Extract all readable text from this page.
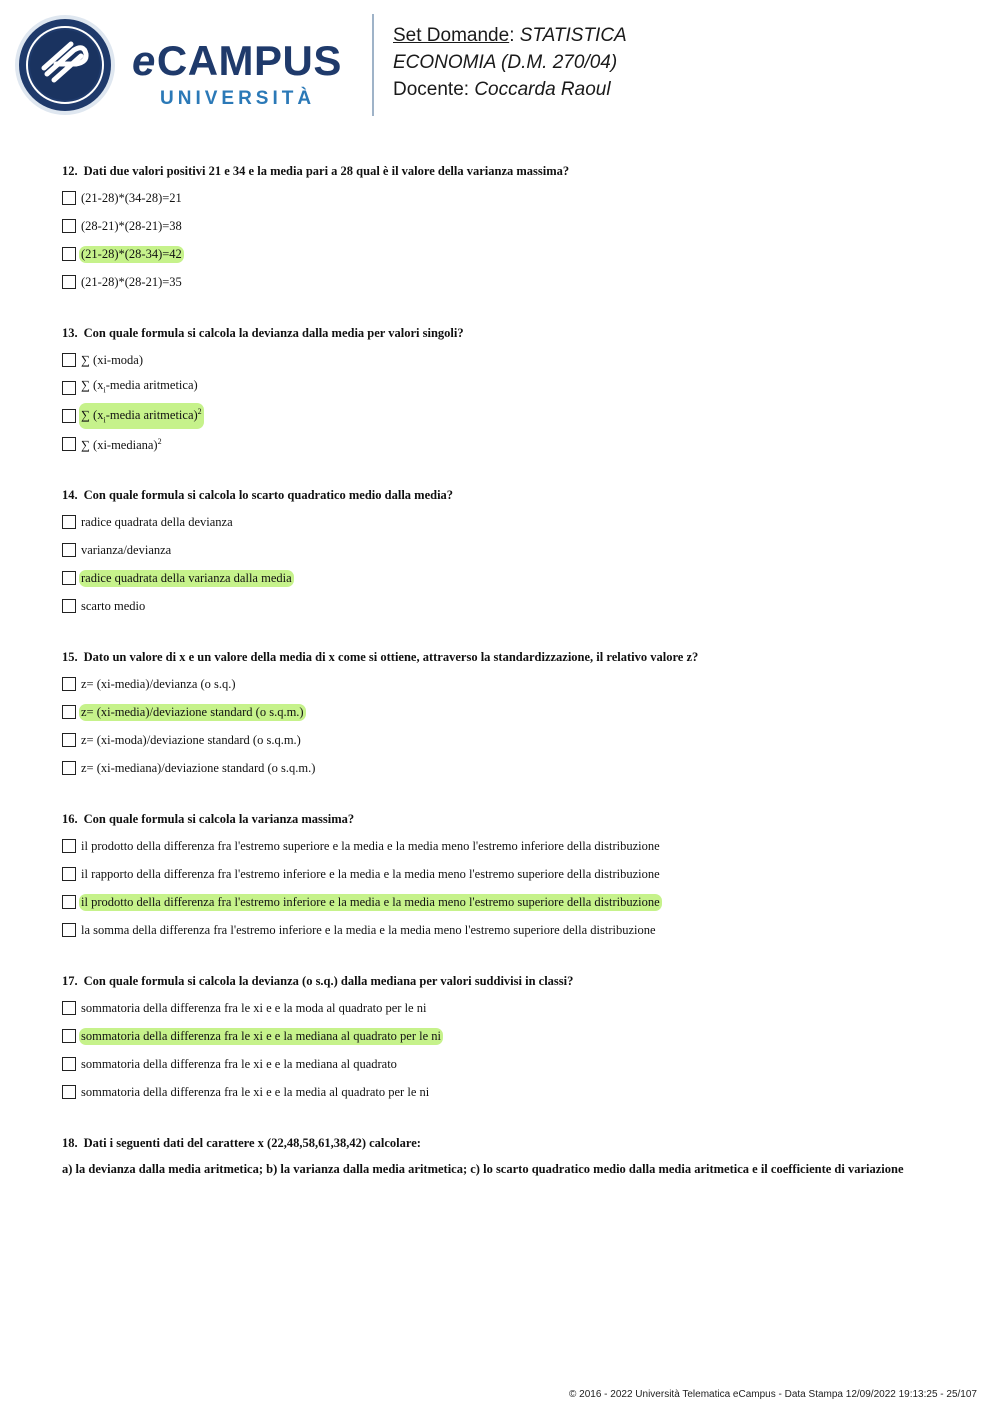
eCAMPUS
UNIVERSITÀ
Set Domande: STATISTICA
ECONOMIA (D.M. 270/04)
Docente: Coccarda Raoul
12. Dati due valori positivi 21 e 34 e la media pari a 28 qual è il valore della varianza massima?
(21-28)*(34-28)=21
(28-21)*(28-21)=38
(21-28)*(28-34)=42
(21-28)*(28-21)=35
13. Con quale formula si calcola la devianza dalla media per valori singoli?
∑ (xi-moda)
∑ ($x_i$-media aritmetica)
∑ ($x_i$-media aritmetica)$^2$
∑ (xi-mediana)$^2$
14. Con quale formula si calcola lo scarto quadratico medio dalla media?
radice quadrata della devianza
varianza/devianza
radice quadrata della varianza dalla media
scarto medio
15. Dato un valore di x e un valore della media di x come si ottiene, attraverso la standardizzazione, il relativo valore z?
z= (xi-media)/devianza (o s.q.)
z= (xi-media)/deviazione standard (o s.q.m.)
z= (xi-moda)/deviazione standard (o s.q.m.)
z= (xi-mediana)/deviazione standard (o s.q.m.)
16. Con quale formula si calcola la varianza massima?
il prodotto della differenza fra l'estremo superiore e la media e la media meno l'estremo inferiore della distribuzione
il rapporto della differenza fra l'estremo inferiore e la media e la media meno l'estremo superiore della distribuzione
il prodotto della differenza fra l'estremo inferiore e la media e la media meno l'estremo superiore della distribuzione
la somma della differenza fra l'estremo inferiore e la media e la media meno l'estremo superiore della distribuzione
17. Con quale formula si calcola la devianza (o s.q.) dalla mediana per valori suddivisi in classi?
sommatoria della differenza fra le xi e e la moda al quadrato per le ni
sommatoria della differenza fra le xi e e la mediana al quadrato per le ni
sommatoria della differenza fra le xi e e la mediana al quadrato
sommatoria della differenza fra le xi e e la media al quadrato per le ni
18. Dati i seguenti dati del carattere x (22,48,58,61,38,42) calcolare:
a) la devianza dalla media aritmetica; b) la varianza dalla media aritmetica; c) lo scarto quadratico medio dalla media aritmetica e il coefficiente di variazione
© 2016 - 2022 Università Telematica eCampus - Data Stampa 12/09/2022 19:13:25 - 25/107
